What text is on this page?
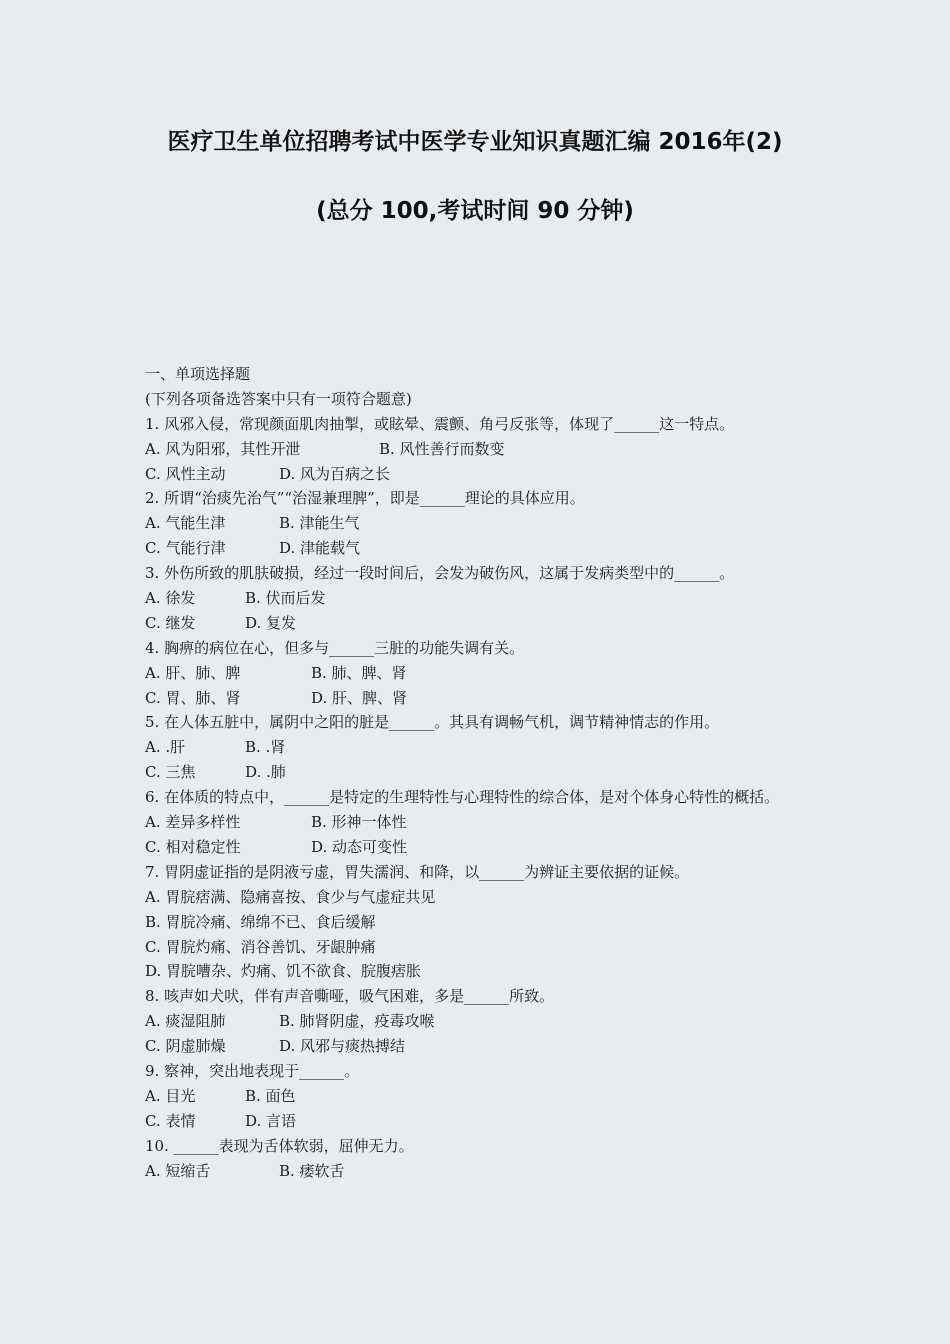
医疗卫生单位招聘考试中医学专业知识真题汇编 2016年(2)
(总分 100,考试时间 90 分钟)
一、单项选择题
(下列各项备选答案中只有一项符合题意)
1. 风邪入侵，常现颜面肌肉抽掣，或眩晕、震颤、角弓反张等，体现了______这一特点。
A. 风为阳邪，其性开泄	B. 风性善行而数变
C. 风性主动	D. 风为百病之长
2. 所谓“治痰先治气”“治湿兼理脾”，即是______理论的具体应用。
A. 气能生津	B. 津能生气
C. 气能行津	D. 津能载气
3. 外伤所致的肌肤破损，经过一段时间后，会发为破伤风，这属于发病类型中的______。
A. 徐发	B. 伏而后发
C. 继发	D. 复发
4. 胸痹的病位在心，但多与______三脏的功能失调有关。
A. 肝、肺、脾	B. 肺、脾、肾
C. 胃、肺、肾	D. 肝、脾、肾
5. 在人体五脏中，属阴中之阳的脏是______。其具有调畅气机，调节精神情志的作用。
A. .肝	B. .肾
C. 三焦	D. .肺
6. 在体质的特点中，______是特定的生理特性与心理特性的综合体，是对个体身心特性的概括。
A. 差异多样性	B. 形神一体性
C. 相对稳定性	D. 动态可变性
7. 胃阴虚证指的是阴液亏虚，胃失濡润、和降，以______为辨证主要依据的证候。
A. 胃脘痞满、隐痛喜按、食少与气虚症共见
B. 胃脘冷痛、绵绵不已、食后缓解
C. 胃脘灼痛、消谷善饥、牙龈肿痛
D. 胃脘嘈杂、灼痛、饥不欲食、脘腹痞胀
8. 咳声如犬吠，伴有声音嘶哑，吸气困难，多是______所致。
A. 痰湿阻肺	B. 肺肾阴虚，疫毒攻喉
C. 阴虚肺燥	D. 风邪与痰热搏结
9. 察神，突出地表现于______。
A. 目光	B. 面色
C. 表情	D. 言语
10. ______表现为舌体软弱，屈伸无力。
A. 短缩舌	B. 痿软舌
